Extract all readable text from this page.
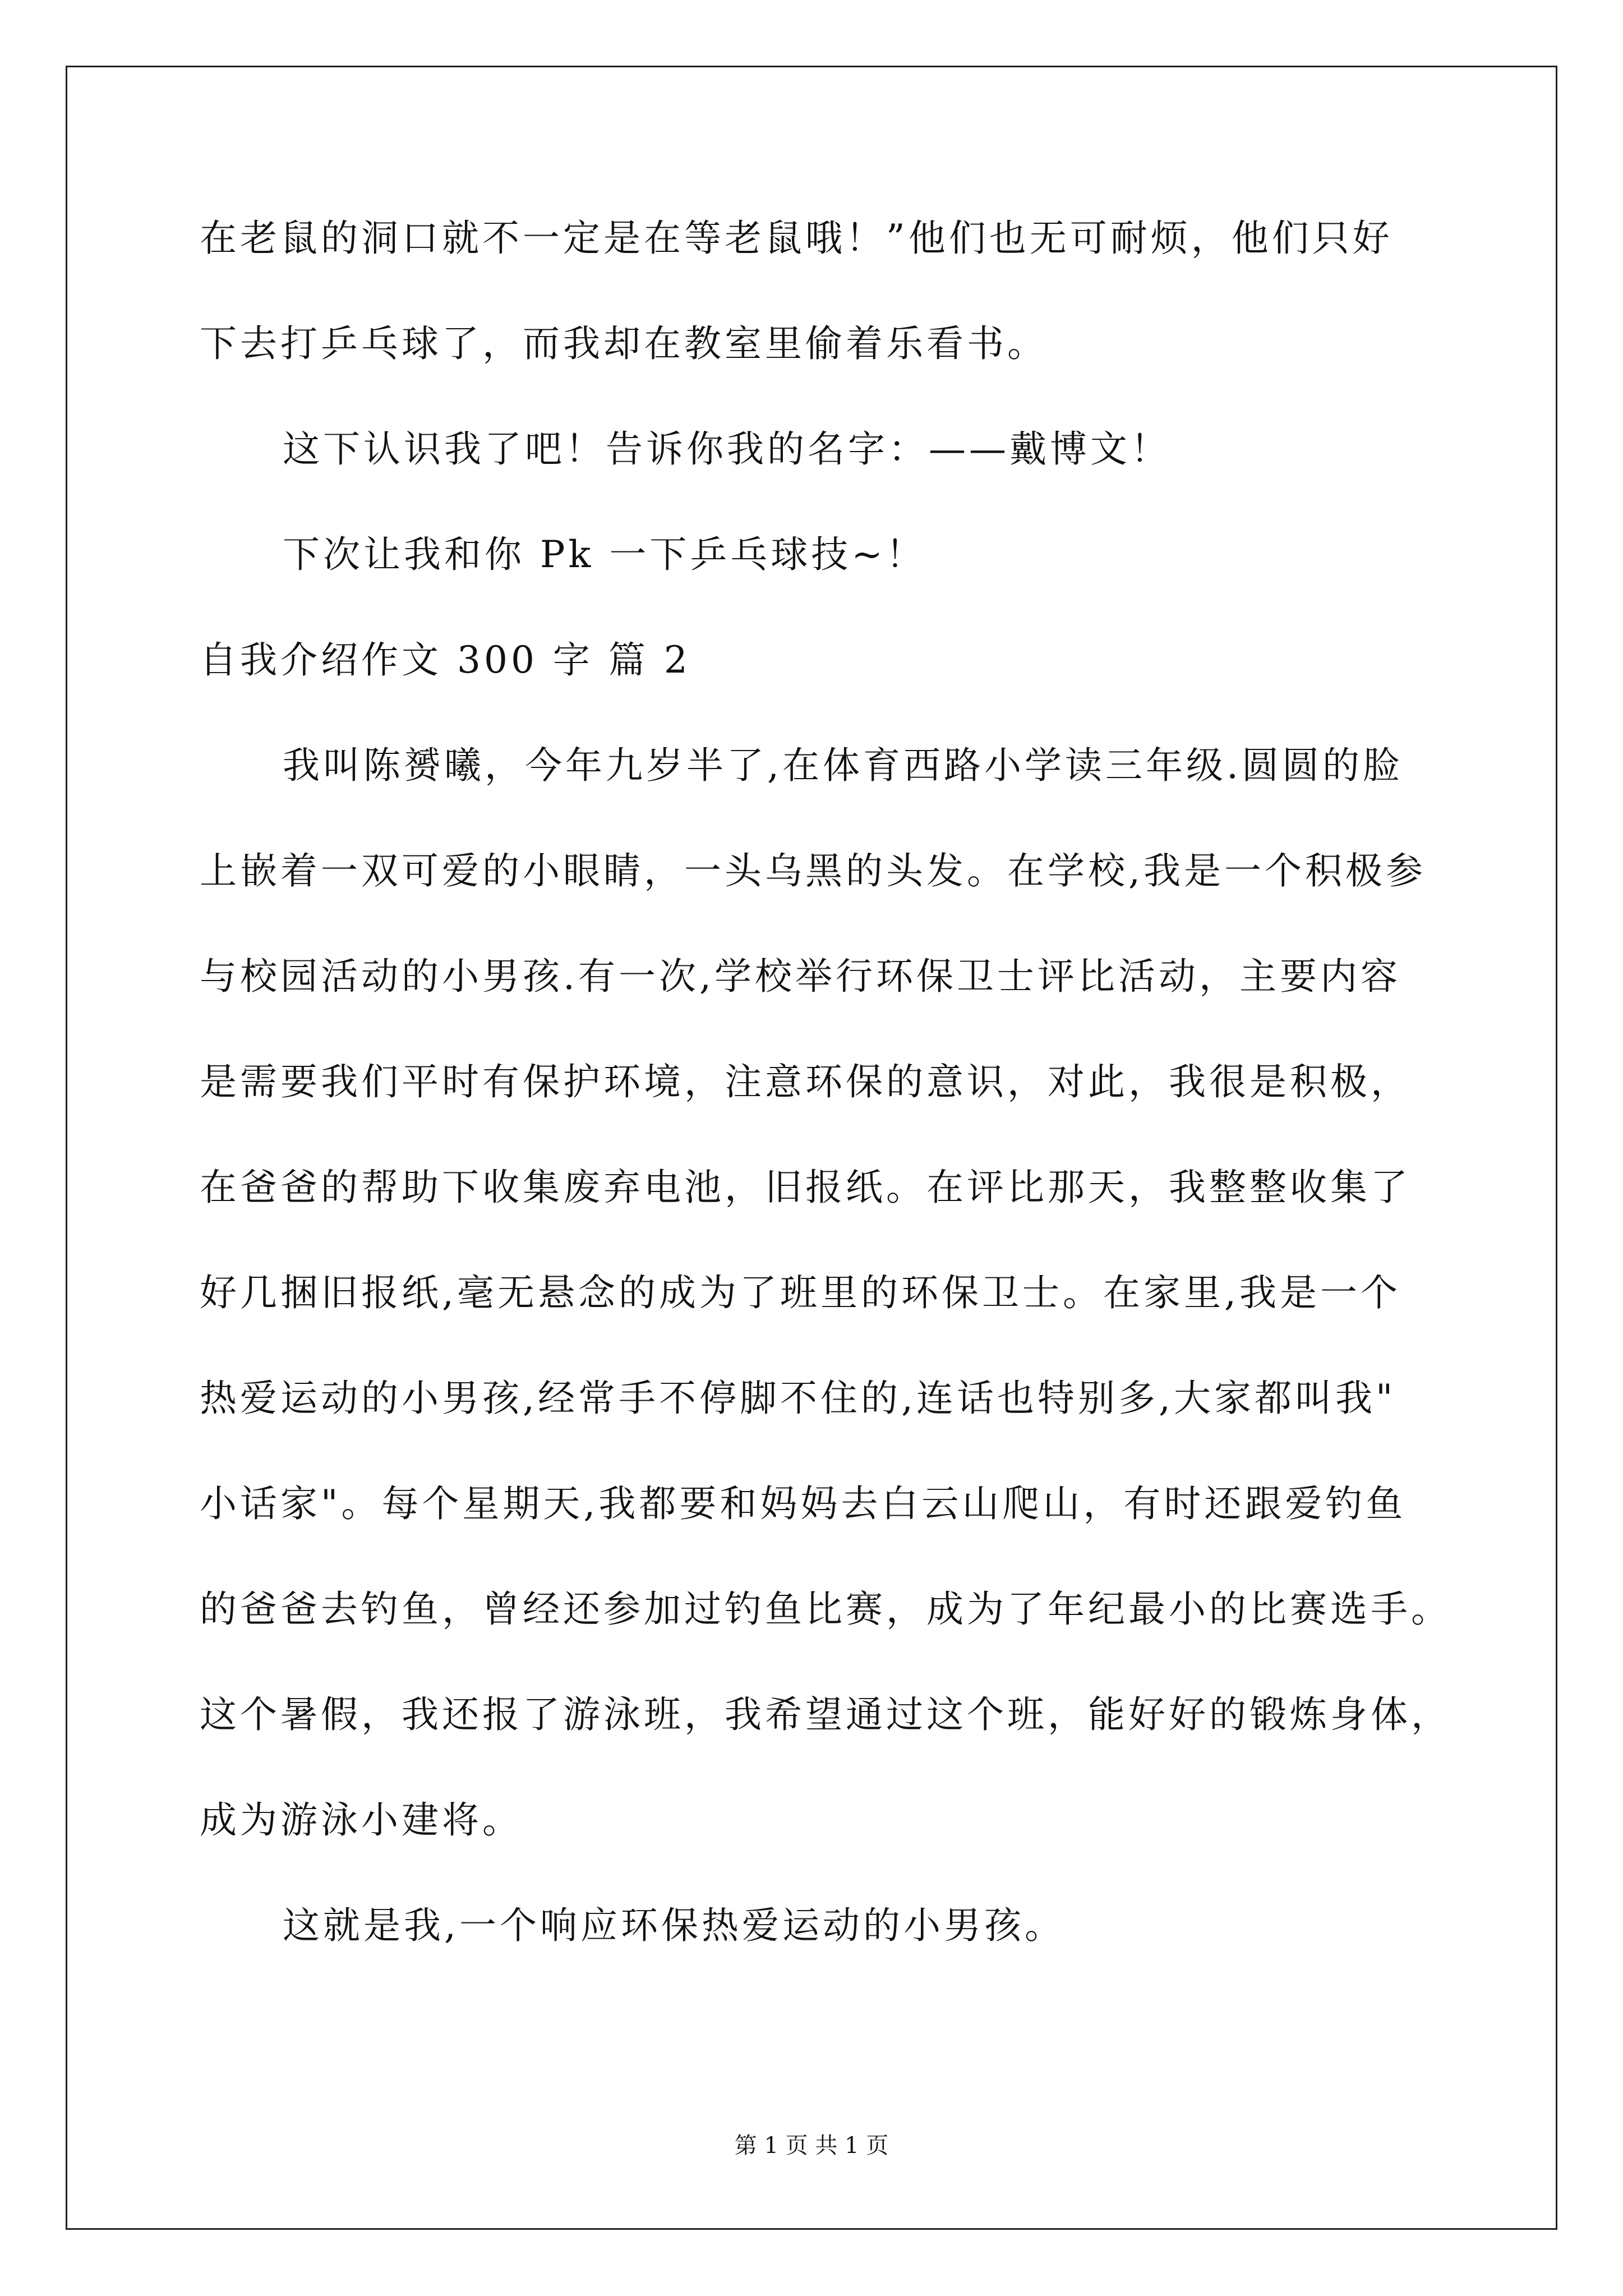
在老鼠的洞口就不一定是在等老鼠哦！”他们也无可耐烦，他们只好
下去打乒乓球了，而我却在教室里偷着乐看书。
这下认识我了吧！告诉你我的名字：——戴博文！
下次让我和你 Pk 一下乒乓球技~！
自我介绍作文 300 字 篇 2
我叫陈赟曦，今年九岁半了,在体育西路小学读三年级.圆圆的脸
上嵌着一双可爱的小眼睛，一头乌黑的头发。在学校,我是一个积极参
与校园活动的小男孩.有一次,学校举行环保卫士评比活动，主要内容
是需要我们平时有保护环境，注意环保的意识，对此，我很是积极，
在爸爸的帮助下收集废弃电池，旧报纸。在评比那天，我整整收集了
好几捆旧报纸,毫无悬念的成为了班里的环保卫士。在家里,我是一个
热爱运动的小男孩,经常手不停脚不住的,连话也特别多,大家都叫我"
小话家"。每个星期天,我都要和妈妈去白云山爬山，有时还跟爱钓鱼
的爸爸去钓鱼，曾经还参加过钓鱼比赛，成为了年纪最小的比赛选手。
这个暑假，我还报了游泳班，我希望通过这个班，能好好的锻炼身体，
成为游泳小建将。
这就是我,一个响应环保热爱运动的小男孩。
第 1 页 共 1 页
